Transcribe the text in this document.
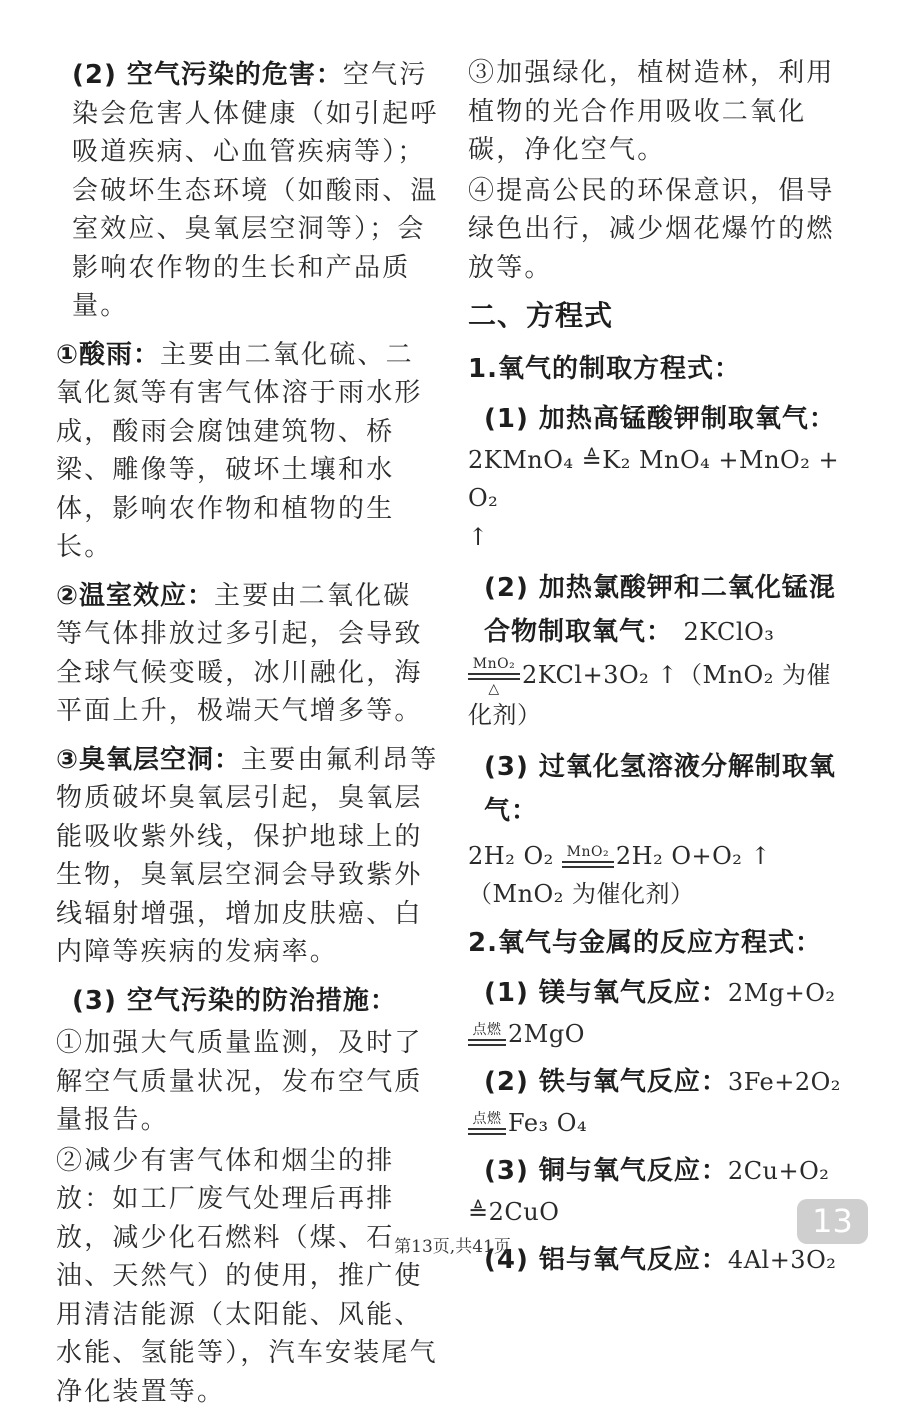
(2) 空气污染的危害：空气污染会危害人体健康（如引起呼吸道疾病、心血管疾病等）；会破坏生态环境（如酸雨、温室效应、臭氧层空洞等）；会影响农作物的生长和产品质量。

①酸雨：主要由二氧化硫、二氧化氮等有害气体溶于雨水形成，酸雨会腐蚀建筑物、桥梁、雕像等，破坏土壤和水体，影响农作物和植物的生长。

②温室效应：主要由二氧化碳等气体排放过多引起，会导致全球气候变暖，冰川融化，海平面上升，极端天气增多等。

③臭氧层空洞：主要由氟利昂等物质破坏臭氧层引起，臭氧层能吸收紫外线，保护地球上的生物，臭氧层空洞会导致紫外线辐射增强，增加皮肤癌、白内障等疾病的发病率。

(3) 空气污染的防治措施：

①加强大气质量监测，及时了解空气质量状况，发布空气质量报告。

②减少有害气体和烟尘的排放：如工厂废气处理后再排放，减少化石燃料（煤、石油、天然气）的使用，推广使用清洁能源（太阳能、风能、水能、氢能等），汽车安装尾气净化装置等。

③加强绿化，植树造林，利用植物的光合作用吸收二氧化碳，净化空气。

④提高公民的环保意识，倡导绿色出行，减少烟花爆竹的燃放等。

二、方程式

1.氧气的制取方程式：

(1) 加热高锰酸钾制取氧气：

2KMnO₄ ≜K₂ MnO₄ +MnO₂ +O₂
↑

(2) 加热氯酸钾和二氧化锰混合物制取氧气： 2KClO₃

MnO₂
△ 2KCl+3O₂ ↑（MnO₂ 为催化剂）

(3) 过氧化氢溶液分解制取氧气：

2H₂ O₂ MnO₂ 2H₂ O+O₂ ↑
（MnO₂ 为催化剂）

2.氧气与金属的反应方程式：

(1) 镁与氧气反应：2Mg+O₂

点燃 2MgO

(2) 铁与氧气反应：3Fe+2O₂

点燃 Fe₃ O₄

(3) 铜与氧气反应：2Cu+O₂

≜2CuO

(4) 铝与氧气反应：4Al+3O₂

13
第13页,共41页
